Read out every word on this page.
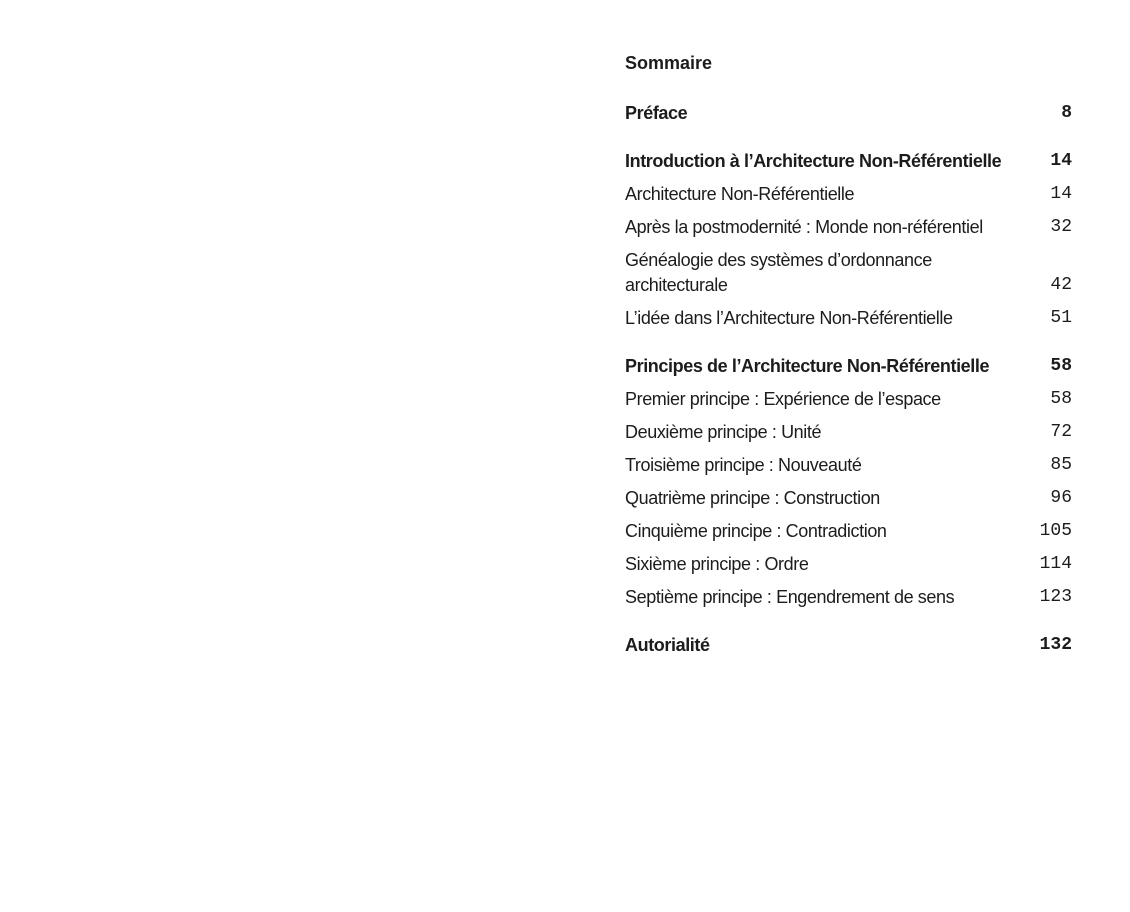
Sommaire
Préface	8
Introduction à l’Architecture Non-Référentielle	14
Architecture Non-Référentielle	14
Après la postmodernité : Monde non-référentiel	32
Généalogie des systèmes d’ordonnance architecturale	42
L’idée dans l’Architecture Non-Référentielle	51
Principes de l’Architecture Non-Référentielle	58
Premier principe : Expérience de l’espace	58
Deuxième principe : Unité	72
Troisième principe : Nouveauté	85
Quatrième principe : Construction	96
Cinquième principe : Contradiction	105
Sixième principe : Ordre	114
Septième principe : Engendrement de sens	123
Autorialité	132
